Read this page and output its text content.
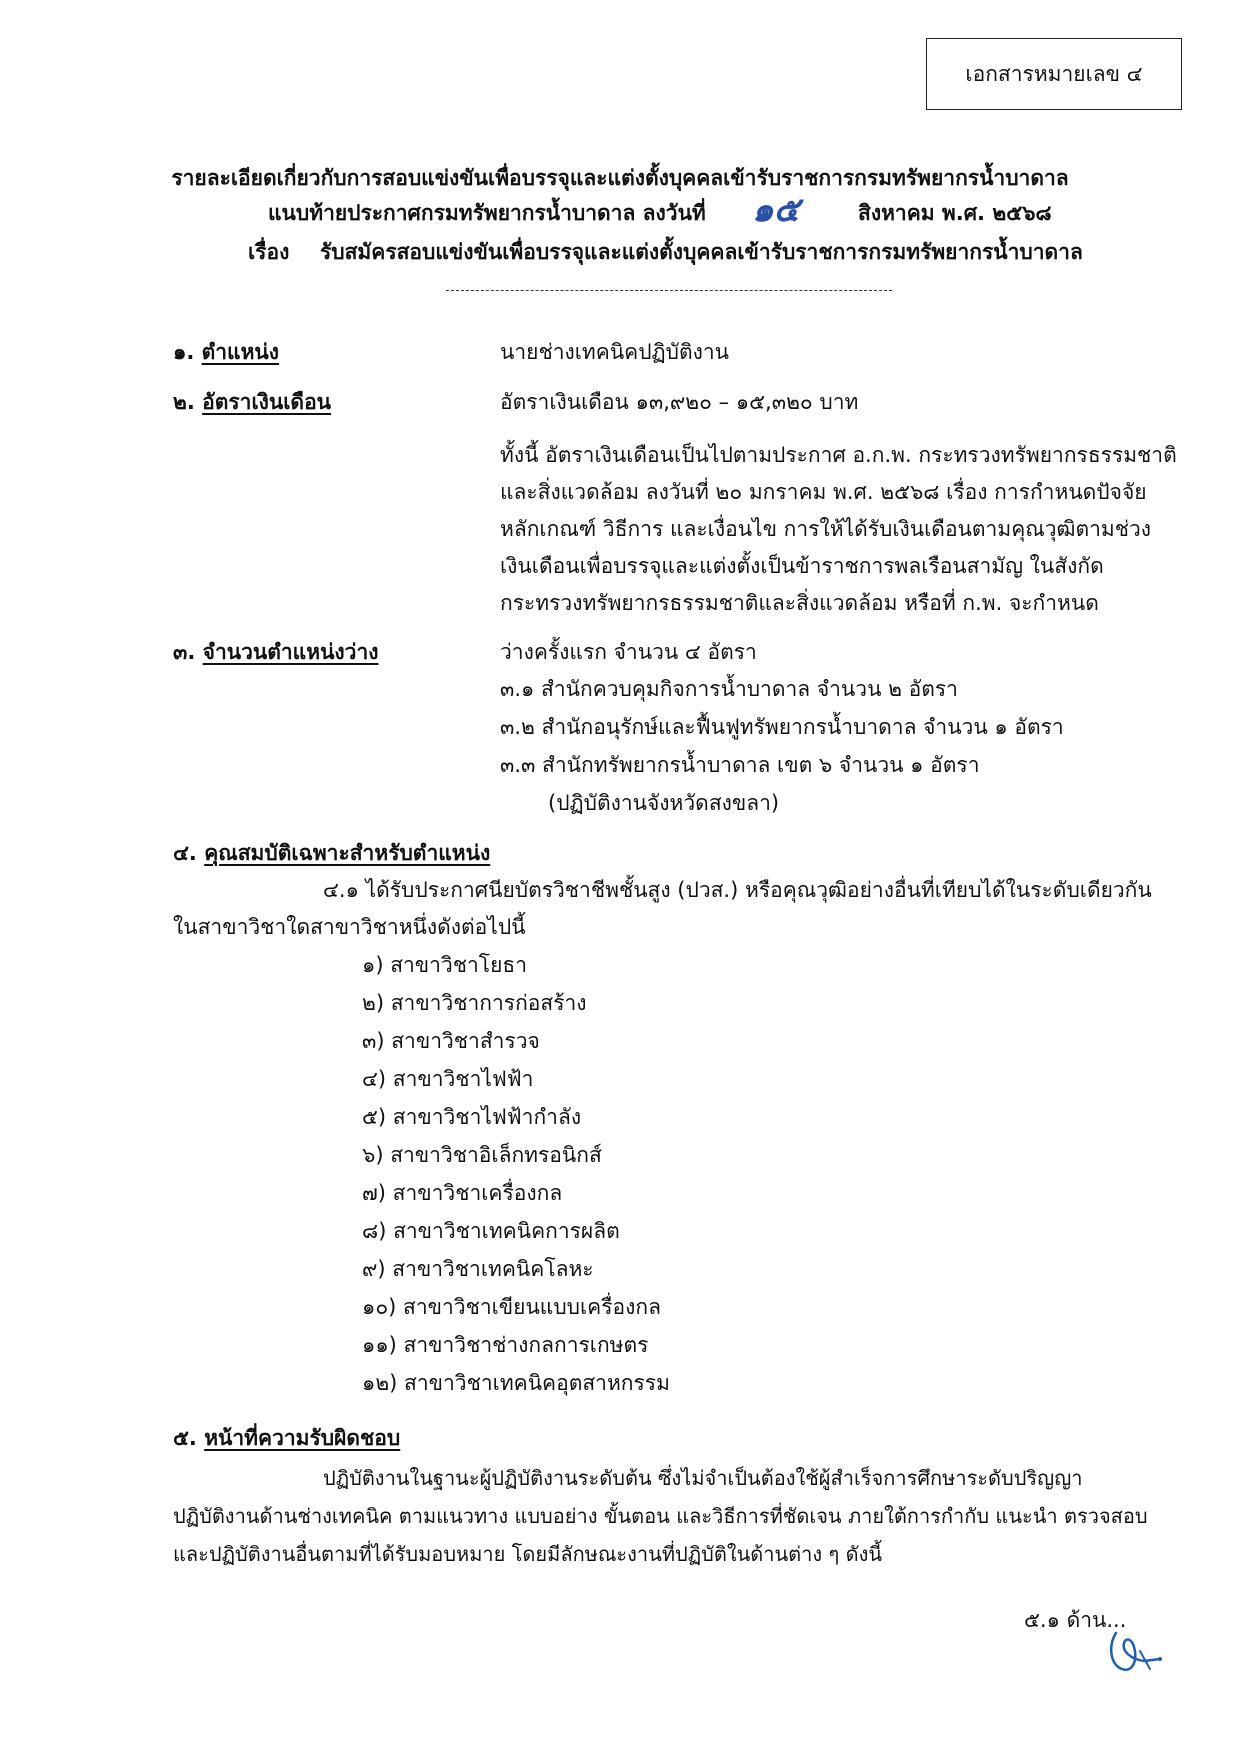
เอกสารหมายเลข ๔
รายละเอียดเกี่ยวกับการสอบแข่งขันเพื่อบรรจุและแต่งตั้งบุคคลเข้ารับราชการกรมทรัพยากรน้ำบาดาล
แนบท้ายประกาศกรมทรัพยากรน้ำบาดาล ลงวันที่ ๑๕	สิงหาคม พ.ศ. ๒๕๖๘
เรื่อง รับสมัครสอบแข่งขันเพื่อบรรจุและแต่งตั้งบุคคลเข้ารับราชการกรมทรัพยากรน้ำบาดาล
๑. ตำแหน่ง	นายช่างเทคนิคปฏิบัติงาน
๒. อัตราเงินเดือน	อัตราเงินเดือน ๑๓,๙๒๐ – ๑๕,๓๒๐ บาท
ทั้งนี้ อัตราเงินเดือนเป็นไปตามประกาศ อ.ก.พ. กระทรวงทรัพยากรธรรมชาติ
และสิ่งแวดล้อม ลงวันที่ ๒๐ มกราคม พ.ศ. ๒๕๖๘ เรื่อง การกำหนดปัจจัย
หลักเกณฑ์ วิธีการ และเงื่อนไข การให้ได้รับเงินเดือนตามคุณวุฒิตามช่วง
เงินเดือนเพื่อบรรจุและแต่งตั้งเป็นข้าราชการพลเรือนสามัญ ในสังกัด
กระทรวงทรัพยากรธรรมชาติและสิ่งแวดล้อม หรือที่ ก.พ. จะกำหนด
๓. จำนวนตำแหน่งว่าง	ว่างครั้งแรก จำนวน ๔ อัตรา
๓.๑ สำนักควบคุมกิจการน้ำบาดาล จำนวน ๒ อัตรา
๓.๒ สำนักอนุรักษ์และฟื้นฟูทรัพยากรน้ำบาดาล จำนวน ๑ อัตรา
๓.๓ สำนักทรัพยากรน้ำบาดาล เขต ๖ จำนวน ๑ อัตรา
(ปฏิบัติงานจังหวัดสงขลา)
๔. คุณสมบัติเฉพาะสำหรับตำแหน่ง
๔.๑ ได้รับประกาศนียบัตรวิชาชีพชั้นสูง (ปวส.) หรือคุณวุฒิอย่างอื่นที่เทียบได้ในระดับเดียวกัน
ในสาขาวิชาใดสาขาวิชาหนึ่งดังต่อไปนี้
๑) สาขาวิชาโยธา
๒) สาขาวิชาการก่อสร้าง
๓) สาขาวิชาสำรวจ
๔) สาขาวิชาไฟฟ้า
๕) สาขาวิชาไฟฟ้ากำลัง
๖) สาขาวิชาอิเล็กทรอนิกส์
๗) สาขาวิชาเครื่องกล
๘) สาขาวิชาเทคนิคการผลิต
๙) สาขาวิชาเทคนิคโลหะ
๑๐) สาขาวิชาเขียนแบบเครื่องกล
๑๑) สาขาวิชาช่างกลการเกษตร
๑๒) สาขาวิชาเทคนิคอุตสาหกรรม
๕. หน้าที่ความรับผิดชอบ
ปฏิบัติงานในฐานะผู้ปฏิบัติงานระดับต้น ซึ่งไม่จำเป็นต้องใช้ผู้สำเร็จการศึกษาระดับปริญญา
ปฏิบัติงานด้านช่างเทคนิค ตามแนวทาง แบบอย่าง ขั้นตอน และวิธีการที่ชัดเจน ภายใต้การกำกับ แนะนำ ตรวจสอบ
และปฏิบัติงานอื่นตามที่ได้รับมอบหมาย โดยมีลักษณะงานที่ปฏิบัติในด้านต่าง ๆ ดังนี้
๕.๑ ด้าน...
